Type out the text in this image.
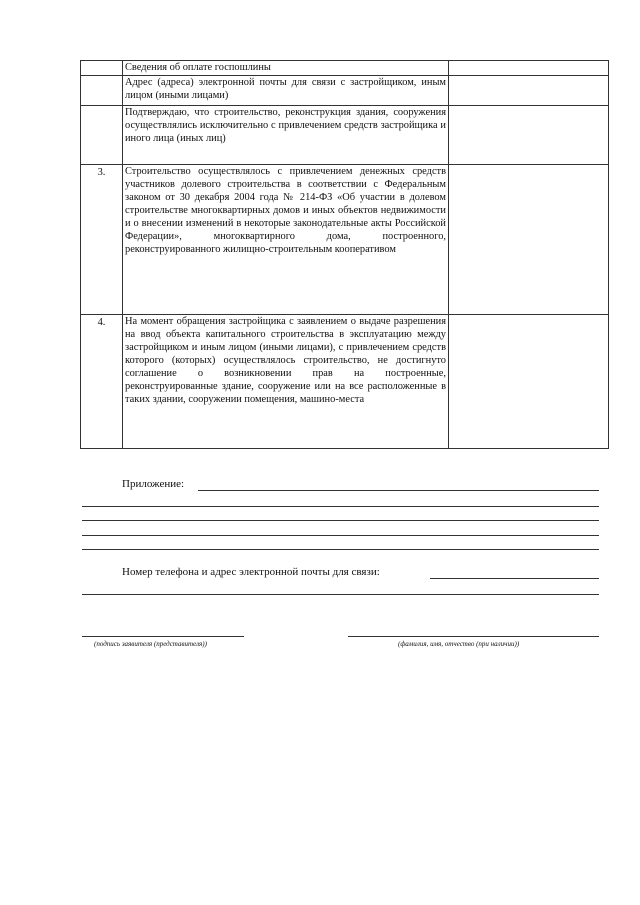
	Сведения об оплате госпошлины	

	Адрес (адреса) электронной почты для связи с застройщиком, иным лицом (иными лицами)	

	Подтверждаю, что строительство, реконструкция здания, сооружения осуществлялись исключительно с привлечением средств застройщика и иного лица (иных лиц)	

3.	Строительство осуществлялось с привлечением денежных средств участников долевого строительства в соответствии с Федеральным законом от 30 декабря 2004 года № 214-ФЗ «Об участии в долевом строительстве многоквартирных домов и иных объектов недвижимости и о внесении изменений в некоторые законодательные акты Российской Федерации», многоквартирного дома, построенного, реконструированного жилищно-строительным кооперативом	

4.	На момент обращения застройщика с заявлением о выдаче разрешения на ввод объекта капитального строительства в эксплуатацию между застройщиком и иным лицом (иными лицами), с привлечением средств которого (которых) осуществлялось строительство, не достигнуто соглашение о возникновении прав на построенные, реконструированные здание, сооружение или на все расположенные в таких здании, сооружении помещения, машино-места	

Приложение:
Номер телефона и адрес электронной почты для связи:
(подпись заявителя (представителя))	(фамилия, имя, отчество (при наличии))
